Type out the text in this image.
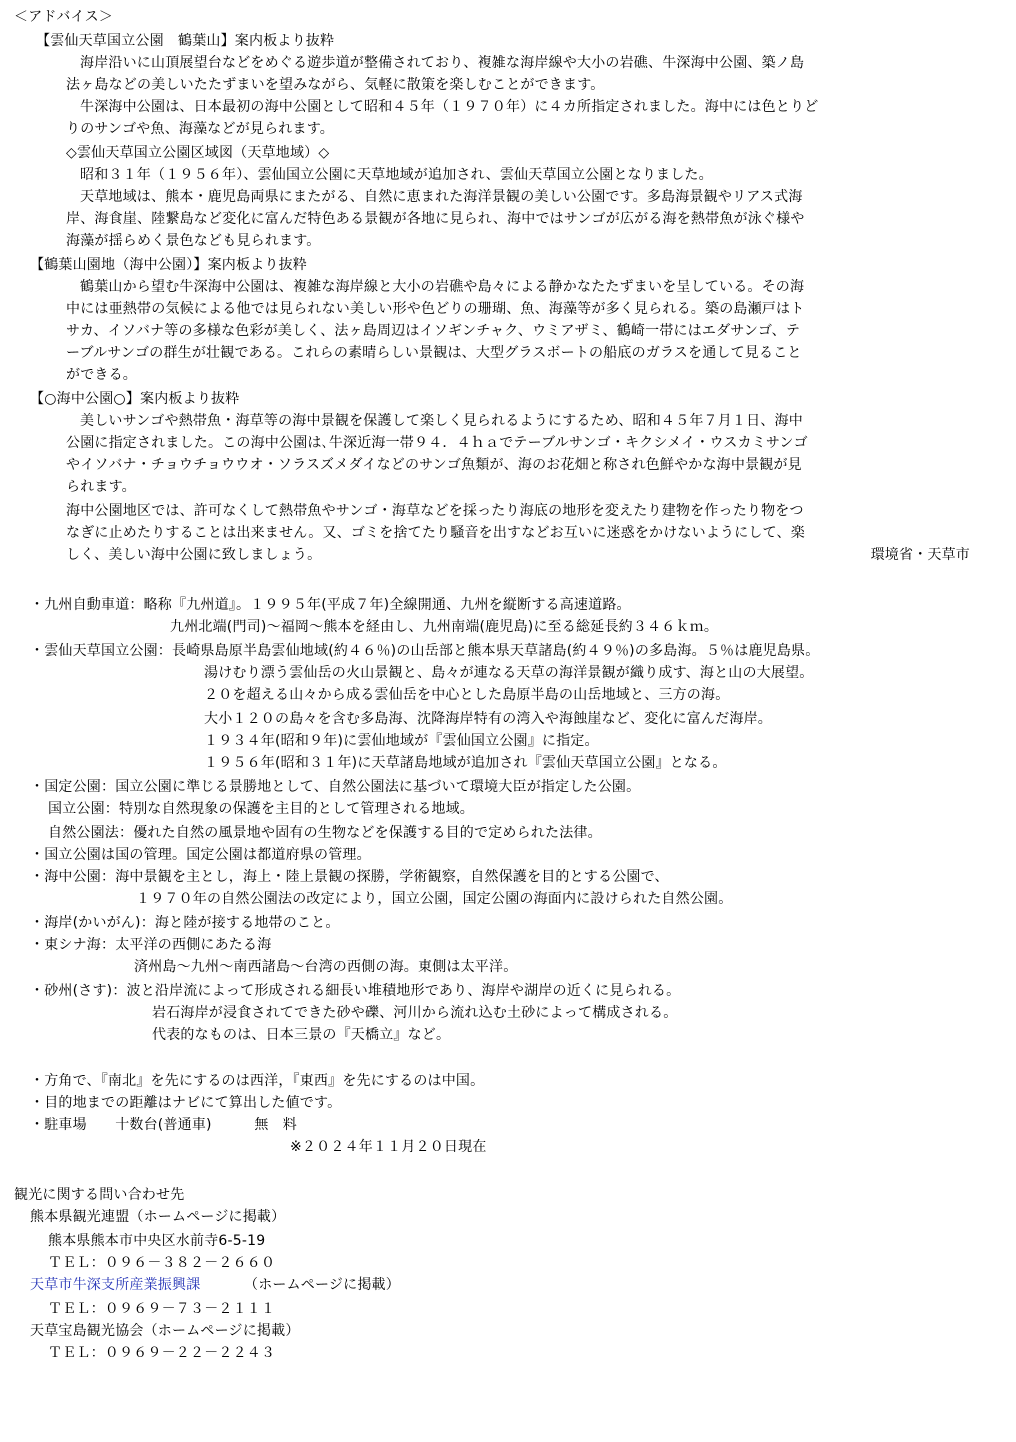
＜アドバイス＞
【雲仙天草国立公園　鶴葉山】案内板より抜粋
海岸沿いに山頂展望台などをめぐる遊歩道が整備されており、複雑な海岸線や大小の岩礁、牛深海中公園、築ノ島
法ヶ島などの美しいたたずまいを望みながら、気軽に散策を楽しむことができます。
牛深海中公園は、日本最初の海中公園として昭和４５年（１９７０年）に４カ所指定されました。海中には色とりど
りのサンゴや魚、海藻などが見られます。
◇雲仙天草国立公園区域図（天草地域）◇
昭和３１年（１９５６年）、雲仙国立公園に天草地域が追加され、雲仙天草国立公園となりました。
天草地域は、熊本・鹿児島両県にまたがる、自然に恵まれた海洋景観の美しい公園です。多島海景観やリアス式海
岸、海食崖、陸繋島など変化に富んだ特色ある景観が各地に見られ、海中ではサンゴが広がる海を熱帯魚が泳ぐ様や
海藻が揺らめく景色なども見られます。
【鶴葉山園地（海中公園）】案内板より抜粋
鶴葉山から望む牛深海中公園は、複雑な海岸線と大小の岩礁や島々による静かなたたずまいを呈している。その海
中には亜熱帯の気候による他では見られない美しい形や色どりの珊瑚、魚、海藻等が多く見られる。築の島瀬戸はト
サカ、イソバナ等の多様な色彩が美しく、法ヶ島周辺はイソギンチャク、ウミアザミ、鶴崎一帯にはエダサンゴ、テ
ーブルサンゴの群生が壮観である。これらの素晴らしい景観は、大型グラスボートの船底のガラスを通して見ること
ができる。
【○海中公園○】案内板より抜粋
美しいサンゴや熱帯魚・海草等の海中景観を保護して楽しく見られるようにするため、昭和４５年７月１日、海中
公園に指定されました。この海中公園は､牛深近海一帯９４．４ｈａでテーブルサンゴ・キクシメイ・ウスカミサンゴ
やイソバナ・チョウチョウウオ・ソラスズメダイなどのサンゴ魚類が、海のお花畑と称され色鮮やかな海中景観が見
られます。
海中公園地区では、許可なくして熱帯魚やサンゴ・海草などを採ったり海底の地形を変えたり建物を作ったり物をつ
なぎに止めたりすることは出来ません。又、ゴミを捨てたり騒音を出すなどお互いに迷惑をかけないようにして、楽
しく、美しい海中公園に致しましょう。	環境省・天草市
・九州自動車道：略称『九州道』。１９９５年(平成７年)全線開通、九州を縦断する高速道路。
九州北端(門司)～福岡～熊本を経由し、九州南端(鹿児島)に至る総延長約３４６ｋｍ。
・雲仙天草国立公園：長崎県島原半島雲仙地域(約４６％)の山岳部と熊本県天草諸島(約４９％)の多島海。５％は鹿児島県。
湯けむり漂う雲仙岳の火山景観と、島々が連なる天草の海洋景観が織り成す、海と山の大展望。
２０を超える山々から成る雲仙岳を中心とした島原半島の山岳地域と、三方の海。
大小１２０の島々を含む多島海、沈降海岸特有の湾入や海蝕崖など、変化に富んだ海岸。
１９３４年(昭和９年)に雲仙地域が『雲仙国立公園』に指定。
１９５６年(昭和３１年)に天草諸島地域が追加され『雲仙天草国立公園』となる。
・国定公園：国立公園に準じる景勝地として、自然公園法に基づいて環境大臣が指定した公園。
国立公園：特別な自然現象の保護を主目的として管理される地域。
自然公園法：優れた自然の風景地や固有の生物などを保護する目的で定められた法律。
・国立公園は国の管理。国定公園は都道府県の管理。
・海中公園：海中景観を主とし，海上・陸上景観の探勝，学術観察，自然保護を目的とする公園で、
１９７０年の自然公園法の改定により，国立公園，国定公園の海面内に設けられた自然公園。
・海岸(かいがん)：海と陸が接する地帯のこと。
・東シナ海：太平洋の西側にあたる海
済州島～九州～南西諸島～台湾の西側の海。東側は太平洋。
・砂州(さす)：波と沿岸流によって形成される細長い堆積地形であり、海岸や湖岸の近くに見られる。
岩石海岸が浸食されてできた砂や礫、河川から流れ込む土砂によって構成される。
代表的なものは、日本三景の『天橋立』など。
・方角で、『南北』を先にするのは西洋，『東西』を先にするのは中国。
・目的地までの距離はナビにて算出した値です。
・駐車場　　十数台(普通車)　　　無　料
※２０２４年１１月２０日現在
観光に関する問い合わせ先
熊本県観光連盟（ホームページに掲載）
熊本県熊本市中央区水前寺6-5-19
ＴＥＬ：０９６－３８２－２６６０
天草市牛深支所産業振興課	（ホームページに掲載）
ＴＥＬ：０９６９－７３－２１１１
天草宝島観光協会（ホームページに掲載）
ＴＥＬ：０９６９－２２－２２４３
